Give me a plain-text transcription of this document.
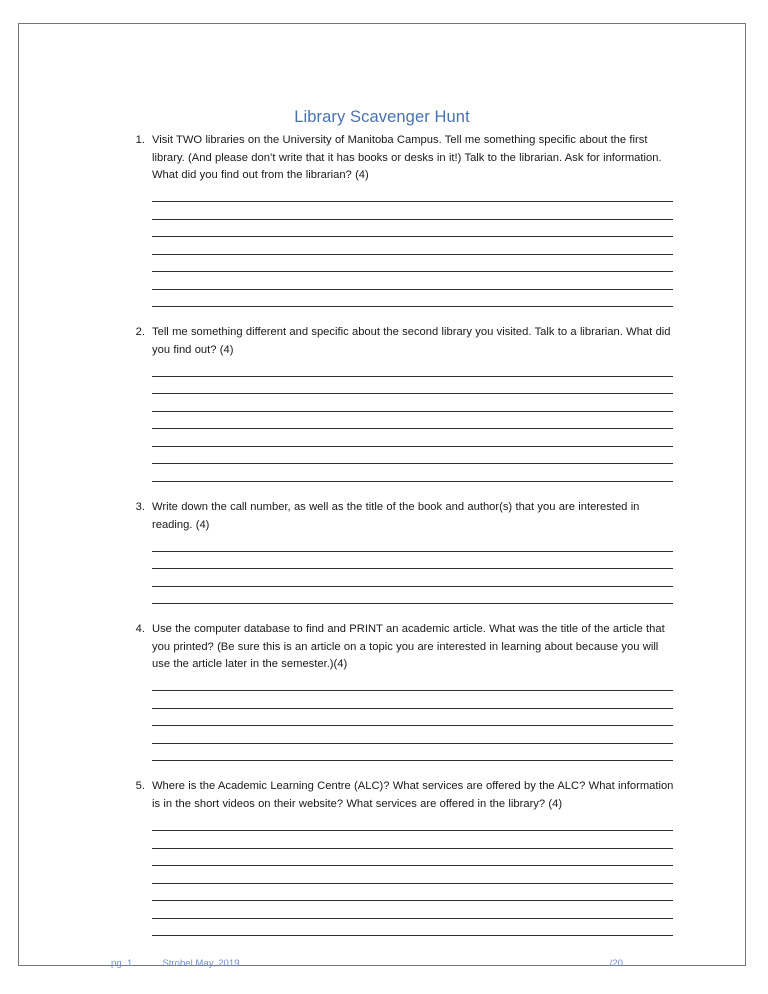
Library Scavenger Hunt
1. Visit TWO libraries on the University of Manitoba Campus. Tell me something specific about the first library. (And please don’t write that it has books or desks in it!) Talk to the librarian. Ask for information. What did you find out from the librarian? (4)
2. Tell me something different and specific about the second library you visited. Talk to a librarian. What did you find out? (4)
3. Write down the call number, as well as the title of the book and author(s) that you are interested in reading. (4)
4. Use the computer database to find and PRINT an academic article. What was the title of the article that you printed? (Be sure this is an article on a topic you are interested in learning about because you will use the article later in the semester.)(4)
5. Where is the Academic Learning Centre (ALC)? What services are offered by the ALC? What information is in the short videos on their website? What services are offered in the library? (4)
pg. 1	Strobel May, 2019	/20
